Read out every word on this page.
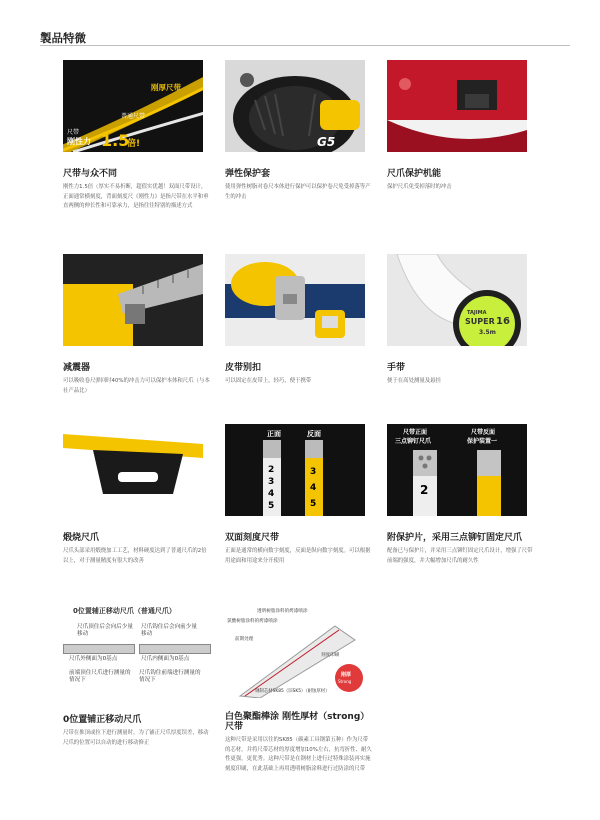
製品特微
刚厚尺带
普通尺带
尺带
刚性力 1.5
倍!
尺带与众不同
刚性力1.5倍（厚实不易折断，超值实优越！双面尺带设计，正面通常横刻度，背面刻度尺《刚性力》是指尺带在水平和垂直两侧的伸长性和可靠承力，是指往往特别的描述方式
G5
弹性保护套
使用弹性树脂对卷尺本体进行保护可以保护卷尺免受掉落等产生的冲击
尺爪保护机能
保护尺爪免受掉落时的冲击
减震器
可以吸收卷尺弹回时40%的冲击力可以保护本体和尺爪（与本社产品比）
皮带别扣
可以固定在皮带上，轻巧，便于携带
TAJIMA
SUPER 16
3.5m
手带
便于在高处测量及悬挂
煅烧尺爪
尺爪头部采用煅烧加工工艺，材料硬度达到了普通尺爪的2倍以上，对于测量精度有很大的改善
正面	反面
2
3
4
5
3
4
5
双面刻度尺带
正面是通常的横向数字刻度，反面是纵向数字刻度。可以根据用途面和用途来分开使用
尺带正面
三点铆钉尺爪
尺带反面
保护装置一
2
附保护片，采用三点铆钉固定尺爪
配备已与保护片，并采用三点铆钉固定尺爪设计，增强了尺带前端的强度，并大幅增加尺爪的耐久性
0位置辅正移动尺爪（普通尺爪）
尺爪顶住后会向后少量移动
尺爪钩住后会向前少量移动
尺爪外侧面为0基点	尺爪内侧面为0基点
前端顶住尺爪进行测量的情况下
尺爪钩住前端进行测量的情况下
0位置铺正移动尺爪
尺带在推顶或拉下进行测量时，为了铺正尺爪厚度误差，移动尺爪的位置可以自动的进行移动修正
透明树脂涂料的烤漆喷涂
氯酸树脂涂料的烤漆喷涂
前期处理
刻度印刷
钢制芯材SK85（旧SK5）（耐蚀厚材）
刚厚
Strong
白色聚酯棒涂 刚性厚材（strong）尺带
这种尺带是采用以往的SK85（碳素工具钢第五种）作为尺带的芯材，并将尺带芯材的厚度增加10%左右，抗弯折性、耐久性更强，更优秀。这种尺带是在钢材上进行过特殊涂装再实施刻度印刷，在此基础上再用透明树脂涂料进行过防涂的尺带
